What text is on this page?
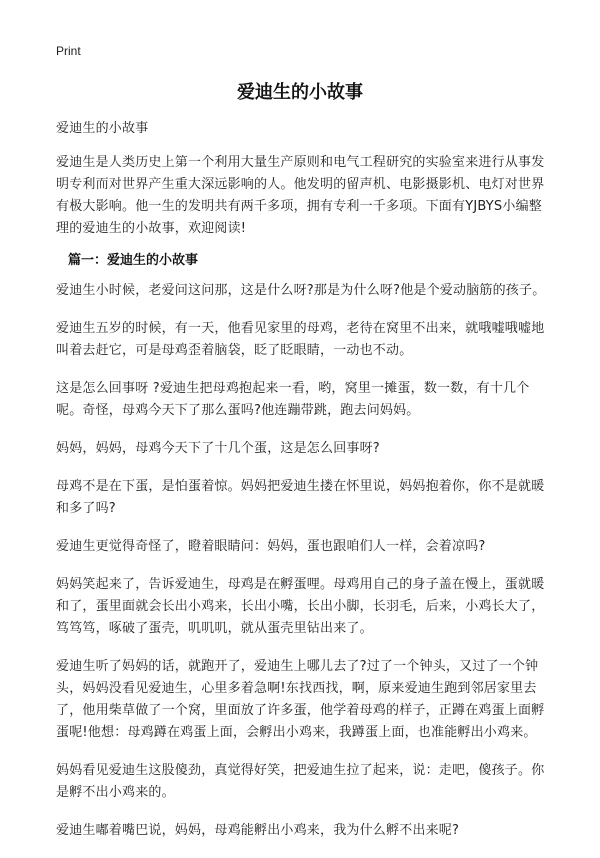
Print
爱迪生的小故事

爱迪生的小故事

爱迪生是人类历史上第一个利用大量生产原则和电气工程研究的实验室来进行从事发明专利而对世界产生重大深远影响的人。他发明的留声机、电影摄影机、电灯对世界有极大影响。他一生的发明共有两千多项，拥有专利一千多项。下面有YJBYS小编整理的爱迪生的小故事，欢迎阅读!

篇一：爱迪生的小故事

爱迪生小时候，老爱问这问那，这是什么呀?那是为什么呀?他是个爱动脑筋的孩子。

爱迪生五岁的时候，有一天，他看见家里的母鸡，老待在窝里不出来，就哦嘘哦嘘地叫着去赶它，可是母鸡歪着脑袋，眨了眨眼睛，一动也不动。

这是怎么回事呀 ?爱迪生把母鸡抱起来一看，哟，窝里一摊蛋，数一数，有十几个呢。奇怪，母鸡今天下了那么蛋吗?他连蹦带跳，跑去问妈妈。

妈妈，妈妈，母鸡今天下了十几个蛋，这是怎么回事呀?

母鸡不是在下蛋，是怕蛋着惊。妈妈把爱迪生搂在怀里说，妈妈抱着你，你不是就暖和多了吗?

爱迪生更觉得奇怪了，瞪着眼睛问：妈妈，蛋也跟咱们人一样，会着凉吗?

妈妈笑起来了，告诉爱迪生，母鸡是在孵蛋哩。母鸡用自己的身子盖在慢上，蛋就暖和了，蛋里面就会长出小鸡来，长出小嘴，长出小脚，长羽毛，后来，小鸡长大了，笃笃笃，啄破了蛋壳，叽叽叽，就从蛋壳里钻出来了。

爱迪生听了妈妈的话，就跑开了，爱迪生上哪儿去了?过了一个钟头，又过了一个钟头，妈妈没看见爱迪生，心里多着急啊!东找西找，啊，原来爱迪生跑到邻居家里去了，他用柴草做了一个窝，里面放了许多蛋，他学着母鸡的样子，正蹲在鸡蛋上面孵蛋呢!他想：母鸡蹲在鸡蛋上面，会孵出小鸡来，我蹲蛋上面，也准能孵出小鸡来。

妈妈看见爱迪生这股傻劲，真觉得好笑，把爱迪生拉了起来，说：走吧，傻孩子。你是孵不出小鸡来的。

爱迪生嘟着嘴巴说，妈妈，母鸡能孵出小鸡来，我为什么孵不出来呢?
